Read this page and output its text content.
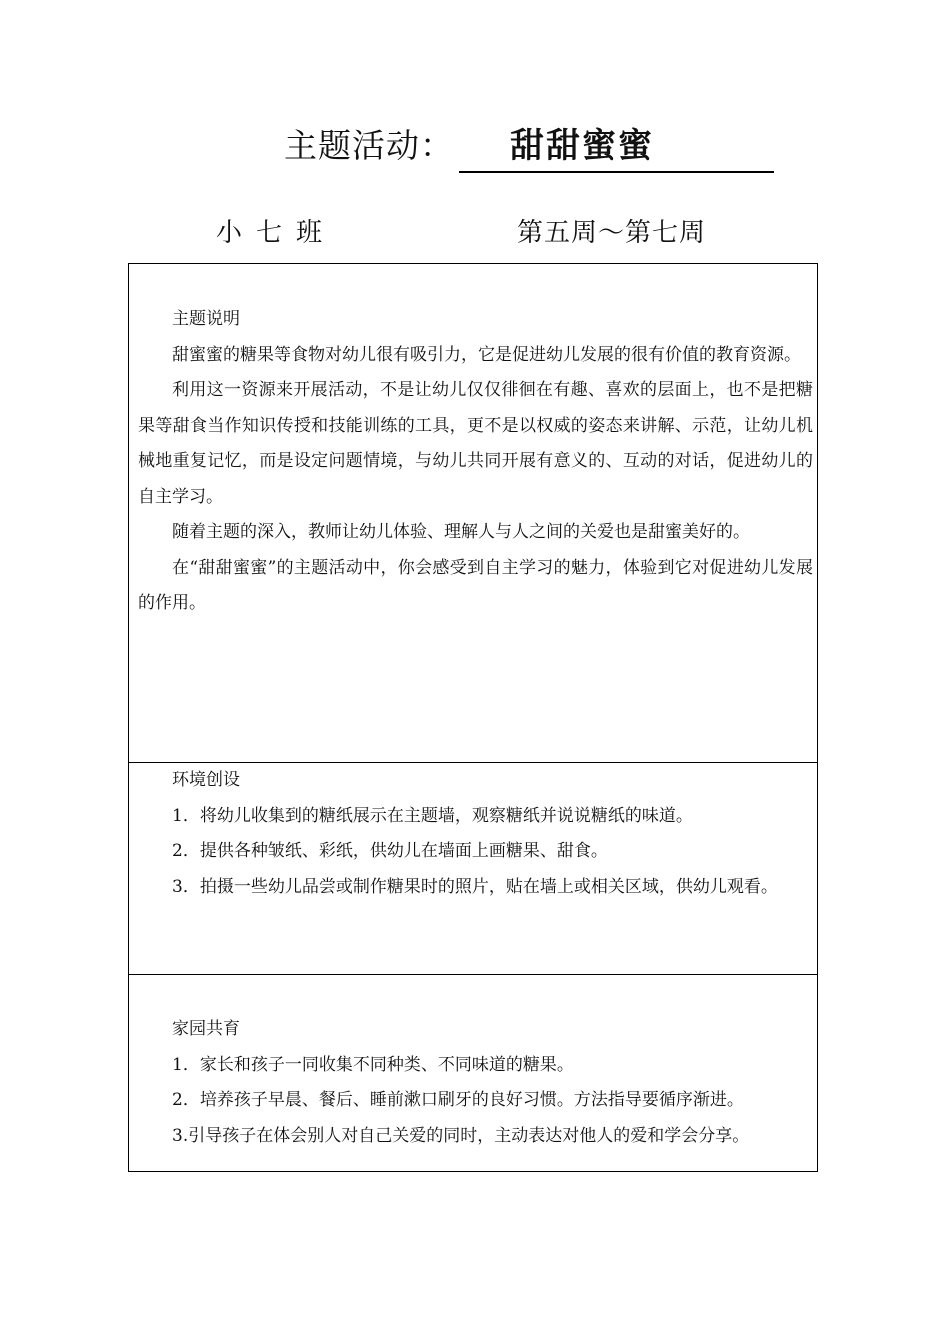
主题活动： 甜甜蜜蜜
小七班	第五周～第七周

主题说明

甜蜜蜜的糖果等食物对幼儿很有吸引力，它是促进幼儿发展的很有价值的教育资源。

利用这一资源来开展活动，不是让幼儿仅仅徘徊在有趣、喜欢的层面上，也不是把糖果等甜食当作知识传授和技能训练的工具，更不是以权威的姿态来讲解、示范，让幼儿机械地重复记忆，而是设定问题情境，与幼儿共同开展有意义的、互动的对话，促进幼儿的自主学习。

随着主题的深入，教师让幼儿体验、理解人与人之间的关爱也是甜蜜美好的。

在“甜甜蜜蜜”的主题活动中，你会感受到自主学习的魅力，体验到它对促进幼儿发展的作用。

环境创设

1．将幼儿收集到的糖纸展示在主题墙，观察糖纸并说说糖纸的味道。

2．提供各种皱纸、彩纸，供幼儿在墙面上画糖果、甜食。

3．拍摄一些幼儿品尝或制作糖果时的照片，贴在墙上或相关区域，供幼儿观看。

家园共育

1．家长和孩子一同收集不同种类、不同味道的糖果。

2．培养孩子早晨、餐后、睡前漱口刷牙的良好习惯。方法指导要循序渐进。

3.引导孩子在体会别人对自己关爱的同时，主动表达对他人的爱和学会分享。
